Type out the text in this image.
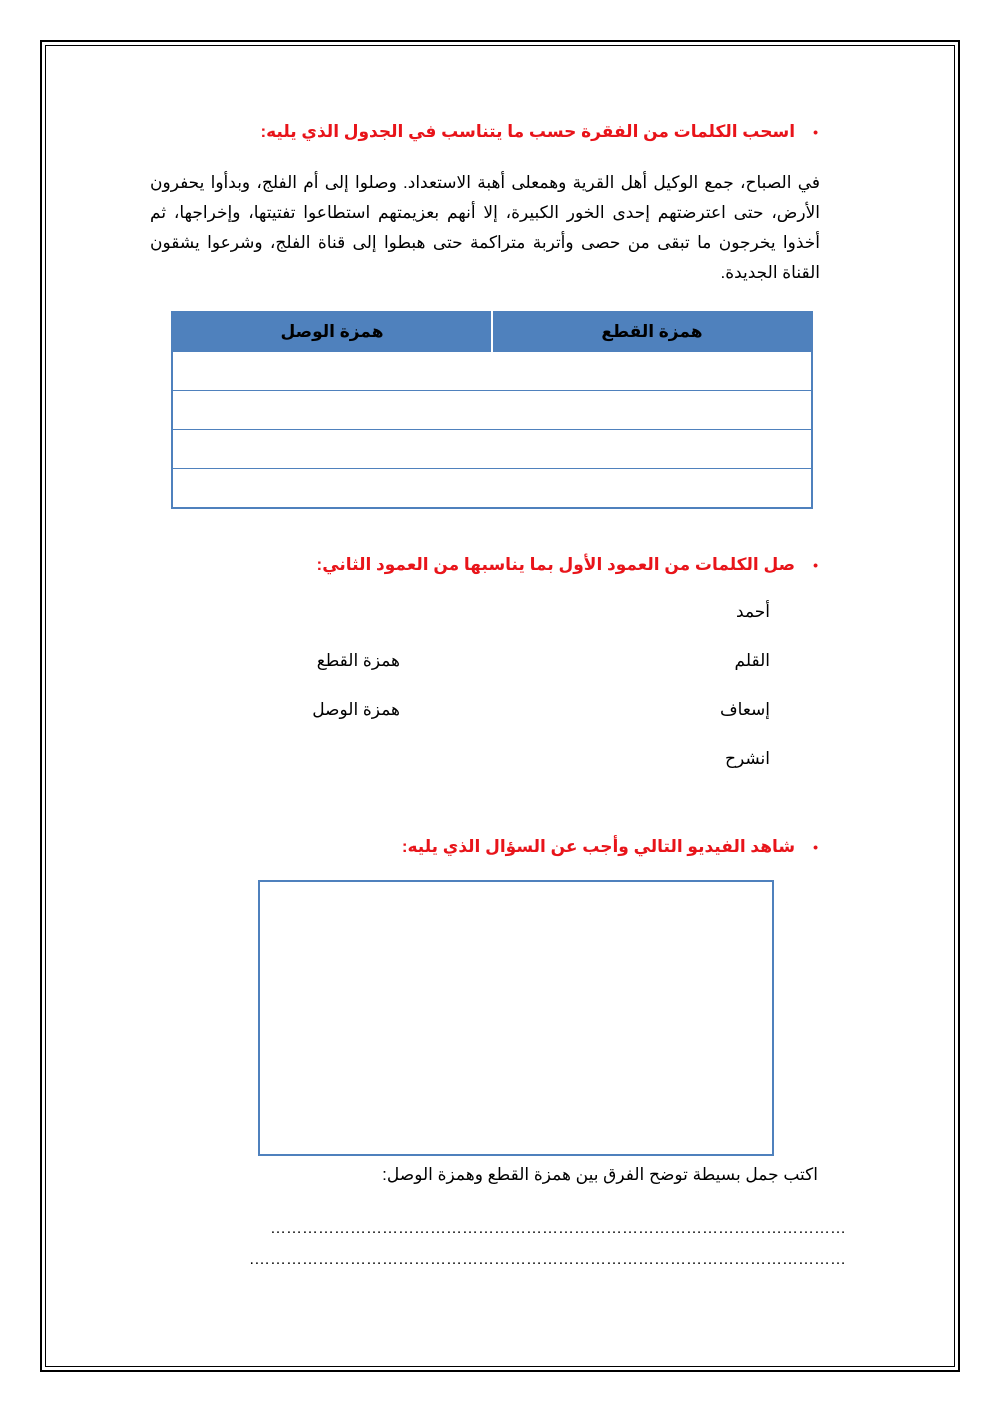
•
اسحب الكلمات من الفقرة حسب ما يتناسب في الجدول الذي يليه:
في الصباح، جمع الوكيل أهل القرية وهمعلى أهبة الاستعداد. وصلوا إلى أم الفلج، وبدأوا يحفرون الأرض، حتى اعترضتهم إحدى الخور الكبيرة، إلا أنهم بعزيمتهم استطاعوا تفتيتها، وإخراجها، ثم أخذوا يخرجون ما تبقى من حصى وأتربة متراكمة حتى هبطوا إلى قناة الفلج، وشرعوا يشقون القناة الجديدة.
همزة القطع	همزة الوصل

•
صل الكلمات من العمود الأول بما يناسبها من العمود الثاني:
أحمد
القلم
إسعاف
انشرح
همزة القطع
همزة الوصل
•
شاهد الفيديو التالي وأجب عن السؤال الذي يليه:
اكتب جمل بسيطة توضح الفرق بين همزة القطع وهمزة الوصل:
………………………………………………………………………………………………
………………………………………………………………………………………………….
